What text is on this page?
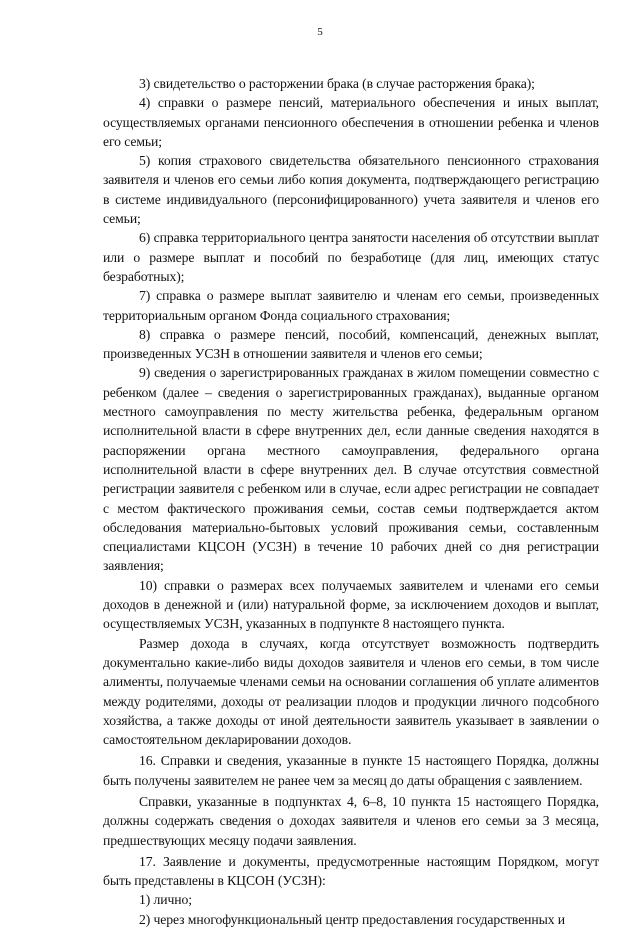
5

3) свидетельство о расторжении брака (в случае расторжения брака);

4) справки о размере пенсий, материального обеспечения и иных выплат, осуществляемых органами пенсионного обеспечения в отношении ребенка и членов его семьи;

5) копия страхового свидетельства обязательного пенсионного страхования заявителя и членов его семьи либо копия документа, подтверждающего регистрацию в системе индивидуального (персонифицированного) учета заявителя и членов его семьи;

6) справка территориального центра занятости населения об отсутствии выплат или о размере выплат и пособий по безработице (для лиц, имеющих статус безработных);

7) справка о размере выплат заявителю и членам его семьи, произведенных территориальным органом Фонда социального страхования;

8) справка о размере пенсий, пособий, компенсаций, денежных выплат, произведенных УСЗН в отношении заявителя и членов его семьи;

9) сведения о зарегистрированных гражданах в жилом помещении совместно с ребенком (далее – сведения о зарегистрированных гражданах), выданные органом местного самоуправления по месту жительства ребенка, федеральным органом исполнительной власти в сфере внутренних дел, если данные сведения находятся в распоряжении органа местного самоуправления, федерального органа исполнительной власти в сфере внутренних дел. В случае отсутствия совместной регистрации заявителя с ребенком или в случае, если адрес регистрации не совпадает с местом фактического проживания семьи, состав семьи подтверждается актом обследования материально-бытовых условий проживания семьи, составленным специалистами КЦСОН (УСЗН) в течение 10 рабочих дней со дня регистрации заявления;

10) справки о размерах всех получаемых заявителем и членами его семьи доходов в денежной и (или) натуральной форме, за исключением доходов и выплат, осуществляемых УСЗН, указанных в подпункте 8 настоящего пункта.

Размер дохода в случаях, когда отсутствует возможность подтвердить документально какие-либо виды доходов заявителя и членов его семьи, в том числе алименты, получаемые членами семьи на основании соглашения об уплате алиментов между родителями, доходы от реализации плодов и продукции личного подсобного хозяйства, а также доходы от иной деятельности заявитель указывает в заявлении о самостоятельном декларировании доходов.

16. Справки и сведения, указанные в пункте 15 настоящего Порядка, должны быть получены заявителем не ранее чем за месяц до даты обращения с заявлением.

Справки, указанные в подпунктах 4, 6–8, 10 пункта 15 настоящего Порядка, должны содержать сведения о доходах заявителя и членов его семьи за 3 месяца, предшествующих месяцу подачи заявления.

17. Заявление и документы, предусмотренные настоящим Порядком, могут быть представлены в КЦСОН (УСЗН):

1) лично;

2) через многофункциональный центр предоставления государственных и
